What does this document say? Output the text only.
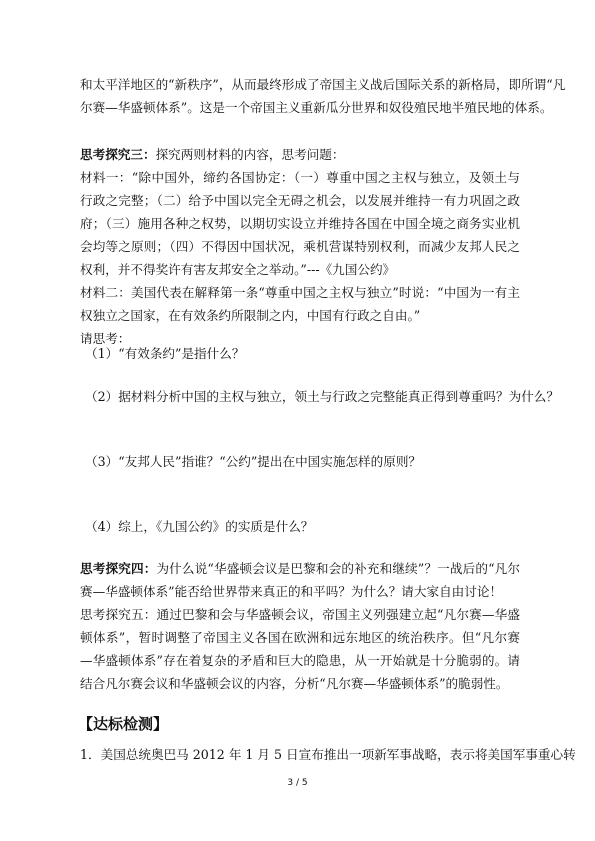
和太平洋地区的“新秩序”，从而最终形成了帝国主义战后国际关系的新格局，即所谓“凡
尔赛—华盛顿体系”。这是一个帝国主义重新瓜分世界和奴役殖民地半殖民地的体系。
思考探究三：探究两则材料的内容，思考问题：

材料一：“除中国外，缔约各国协定：（一）尊重中国之主权与独立，及领土与行政之完整；（二）给予中国以完全无碍之机会，以发展并维持一有力巩固之政府；（三）施用各种之权势，以期切实设立并维持各国在中国全境之商务实业机会均等之原则；（四）不得因中国状况，乘机营谋特别权利，而减少友邦人民之权利，并不得奖许有害友邦安全之举动。”---《九国公约》

材料二：美国代表在解释第一条“尊重中国之主权与独立”时说：“中国为一有主权独立之国家，在有效条约所限制之内，中国有行政之自由。”

请思考：
（1）“有效条约”是指什么？
（2）据材料分析中国的主权与独立，领土与行政之完整能真正得到尊重吗？为什么？
（3）“友邦人民”指谁？“公约”提出在中国实施怎样的原则？
（4）综上，《九国公约》的实质是什么？

思考探究四：为什么说“华盛顿会议是巴黎和会的补充和继续”？一战后的“凡尔赛—华盛顿体系”能否给世界带来真正的和平吗？为什么？请大家自由讨论！

思考探究五：通过巴黎和会与华盛顿会议，帝国主义列强建立起“凡尔赛—华盛顿体系”，暂时调整了帝国主义各国在欧洲和远东地区的统治秩序。但“凡尔赛—华盛顿体系”存在着复杂的矛盾和巨大的隐患，从一开始就是十分脆弱的。请结合凡尔赛会议和华盛顿会议的内容，分析“凡尔赛—华盛顿体系”的脆弱性。

【达标检测】
1．美国总统奥巴马 2012 年 1 月 5 日宣布推出一项新军事战略，表示将美国军事重心转
3 / 5
